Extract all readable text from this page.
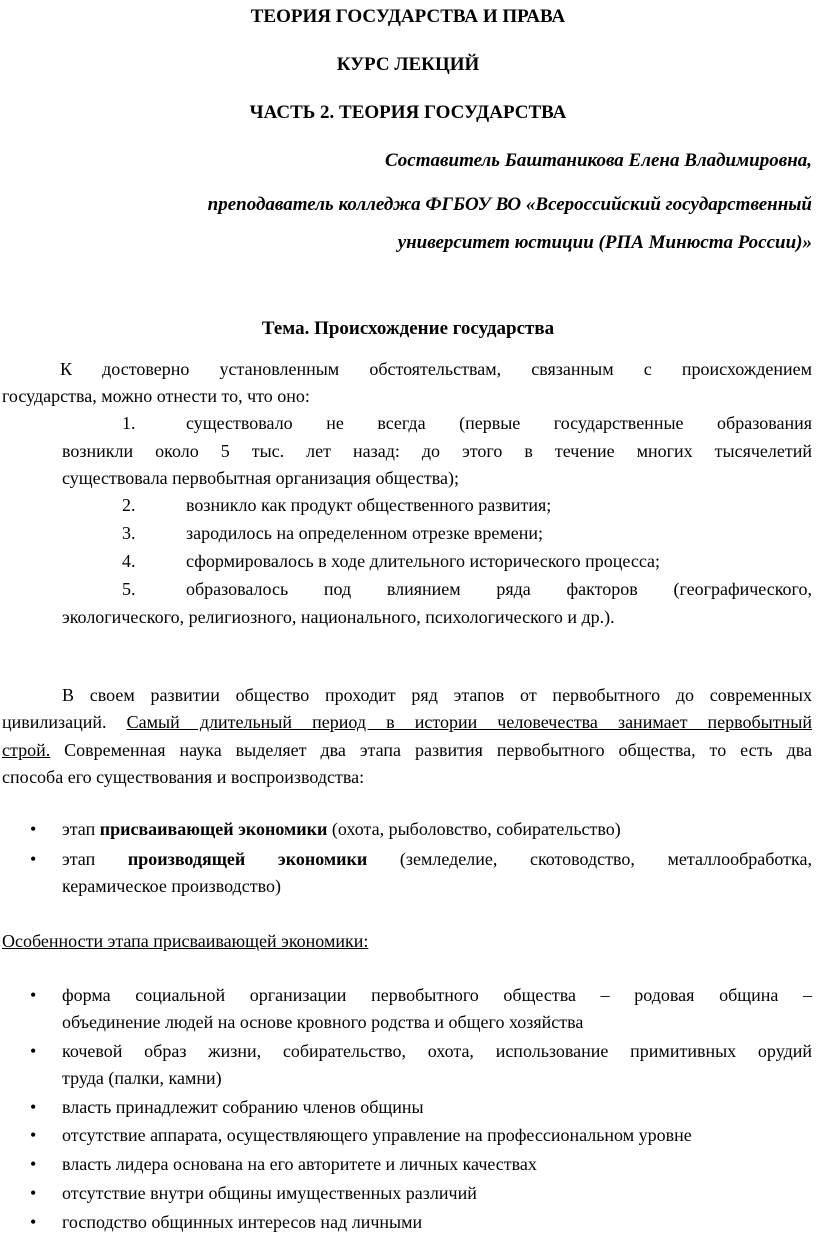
ТЕОРИЯ ГОСУДАРСТВА И ПРАВА
КУРС ЛЕКЦИЙ
ЧАСТЬ 2. ТЕОРИЯ ГОСУДАРСТВА
Составитель Баштаникова Елена Владимировна,
преподаватель колледжа ФГБОУ ВО «Всероссийский государственный
университет юстиции (РПА Минюста России)»
Тема. Происхождение государства
К достоверно установленным обстоятельствам, связанным с происхождением
государства, можно отнести то, что оно:
1.	существовало не всегда (первые государственные образования
возникли около 5 тыс. лет назад: до этого в течение многих тысячелетий
существовала первобытная организация общества);
2.	возникло как продукт общественного развития;
3.	зародилось на определенном отрезке времени;
4.	сформировалось в ходе длительного исторического процесса;
5.	образовалось под влиянием ряда факторов (географического,
экологического, религиозного, национального, психологического и др.).
В своем развитии общество проходит ряд этапов от первобытного до современных
цивилизаций. Самый длительный период в истории человечества занимает первобытный
строй. Современная наука выделяет два этапа развития первобытного общества, то есть два
способа его существования и воспроизводства:
• этап присваивающей экономики (охота, рыболовство, собирательство)
• этап производящей экономики (земледелие, скотоводство, металлообработка,
керамическое производство)
Особенности этапа присваивающей экономики:
• форма социальной организации первобытного общества – родовая община –
объединение людей на основе кровного родства и общего хозяйства
• кочевой образ жизни, собирательство, охота, использование примитивных орудий
труда (палки, камни)
• власть принадлежит собранию членов общины
• отсутствие аппарата, осуществляющего управление на профессиональном уровне
• власть лидера основана на его авторитете и личных качествах
• отсутствие внутри общины имущественных различий
• господство общинных интересов над личными
